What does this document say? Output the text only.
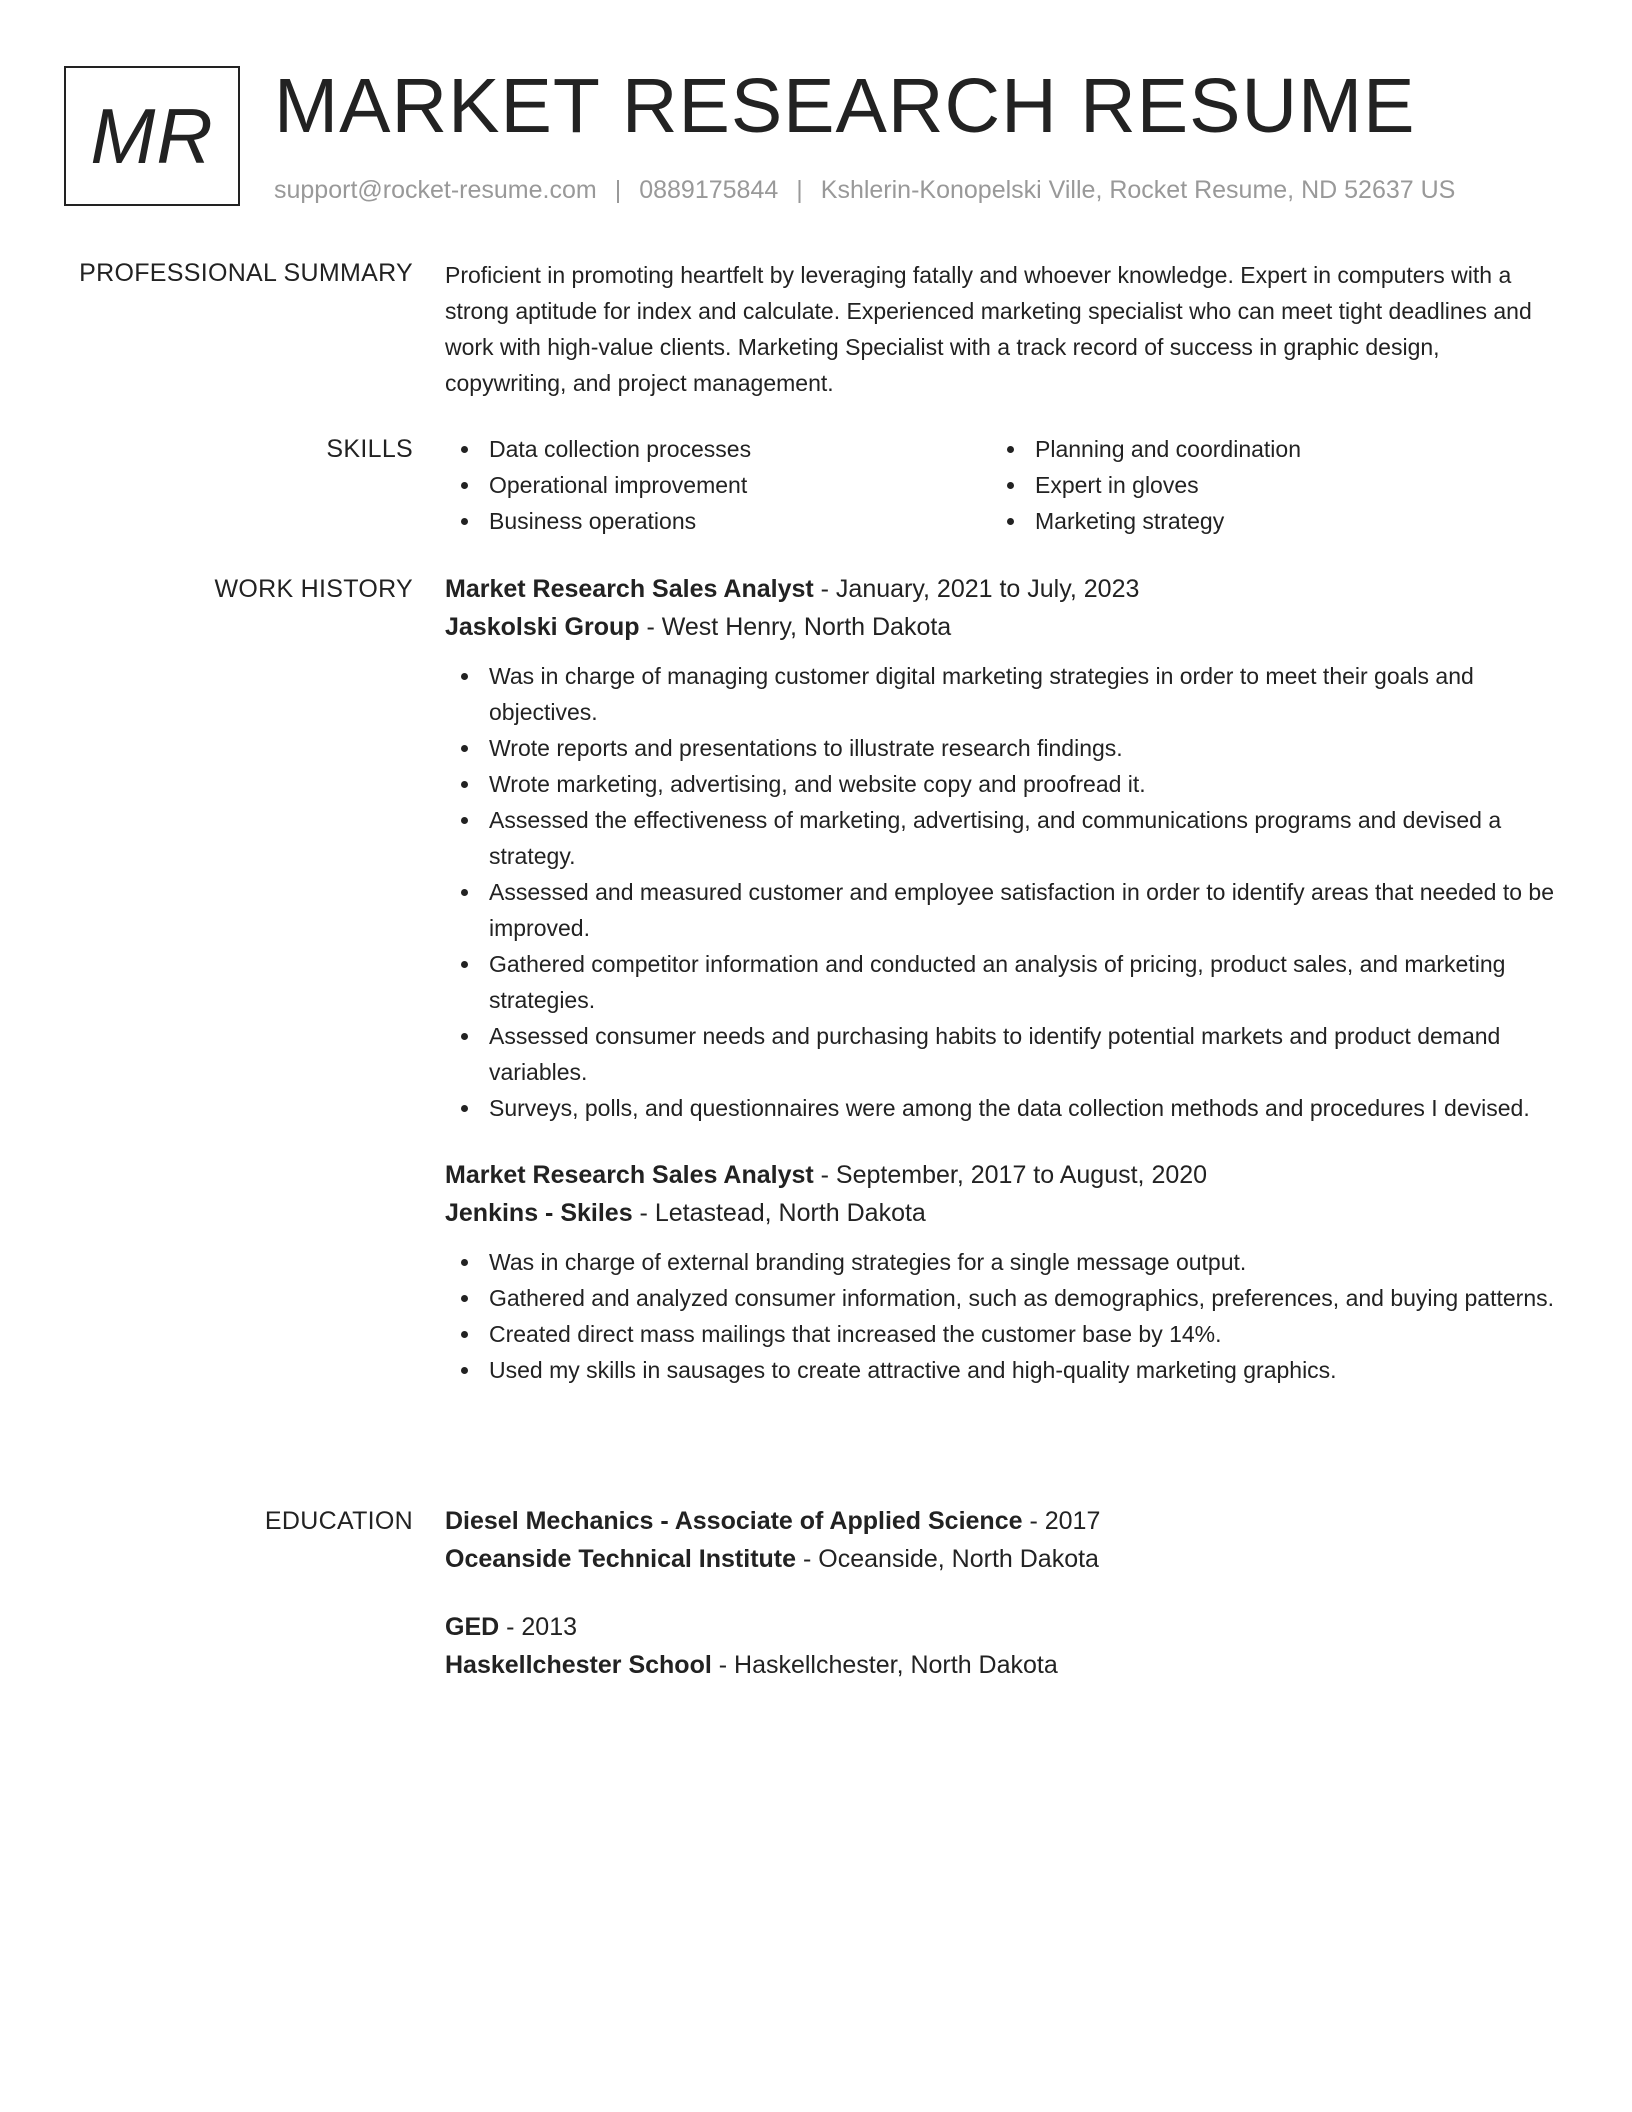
MR MARKET RESEARCH RESUME
support@rocket-resume.com | 0889175844 | Kshlerin-Konopelski Ville, Rocket Resume, ND 52637 US
PROFESSIONAL SUMMARY Proficient in promoting heartfelt by leveraging fatally and whoever knowledge. Expert in computers with a strong aptitude for index and calculate. Experienced marketing specialist who can meet tight deadlines and work with high-value clients. Marketing Specialist with a track record of success in graphic design, copywriting, and project management.

SKILLS	Data collection processes
Operational improvement
Business operations
Planning and coordination
Expert in gloves
Marketing strategy
WORK HISTORY Market Research Sales Analyst - January, 2021 to July, 2023
Jaskolski Group - West Henry, North Dakota
Was in charge of managing customer digital marketing strategies in order to meet their goals and objectives.
Wrote reports and presentations to illustrate research findings.
Wrote marketing, advertising, and website copy and proofread it.
Assessed the effectiveness of marketing, advertising, and communications programs and devised a strategy.
Assessed and measured customer and employee satisfaction in order to identify areas that needed to be improved.
Gathered competitor information and conducted an analysis of pricing, product sales, and marketing strategies.
Assessed consumer needs and purchasing habits to identify potential markets and product demand variables.
Surveys, polls, and questionnaires were among the data collection methods and procedures I devised.
Market Research Sales Analyst - September, 2017 to August, 2020
Jenkins - Skiles - Letastead, North Dakota
Was in charge of external branding strategies for a single message output.
Gathered and analyzed consumer information, such as demographics, preferences, and buying patterns.
Created direct mass mailings that increased the customer base by 14%.
Used my skills in sausages to create attractive and high-quality marketing graphics.
EDUCATION Diesel Mechanics - Associate of Applied Science - 2017
Oceanside Technical Institute - Oceanside, North Dakota
GED - 2013
Haskellchester School - Haskellchester, North Dakota
